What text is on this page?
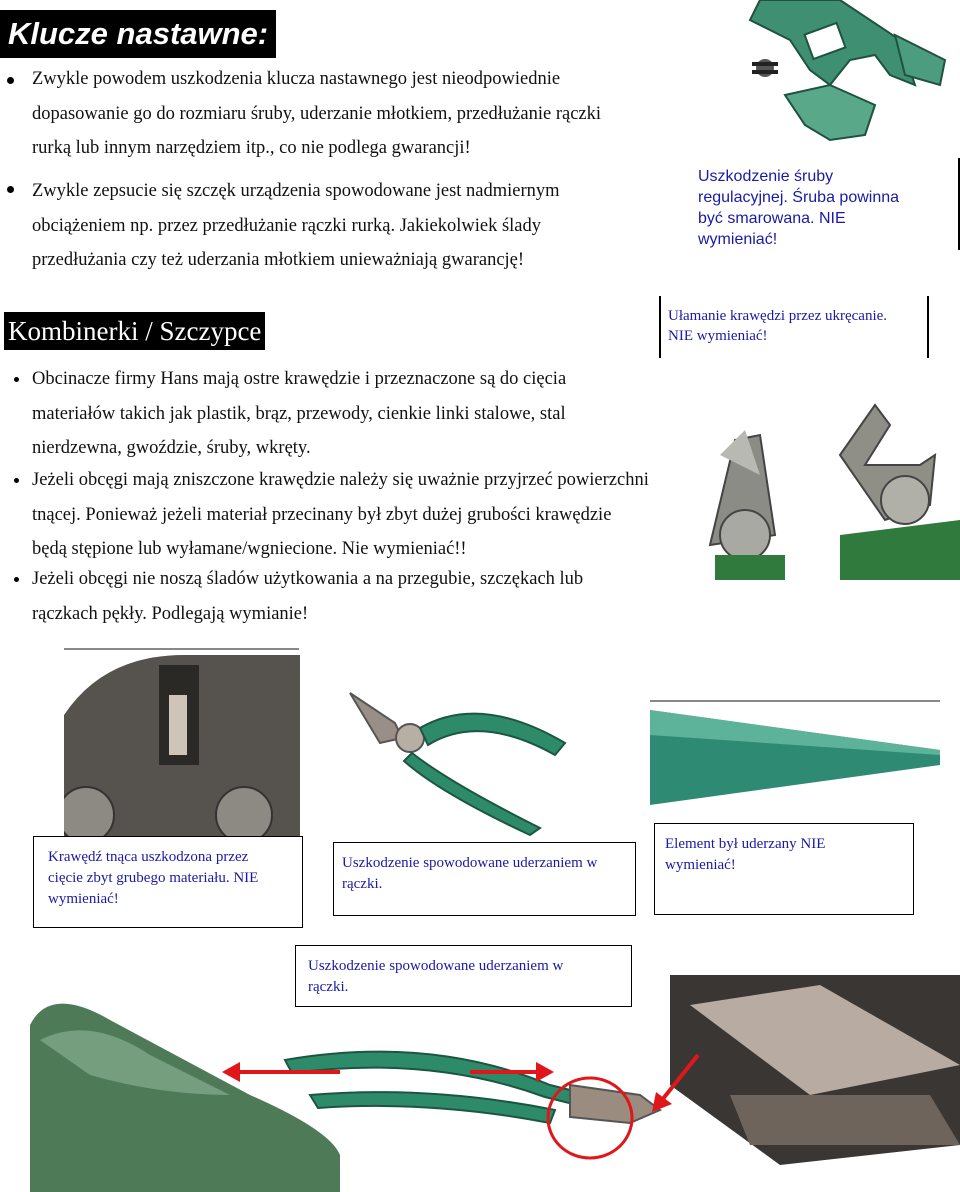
Klucze nastawne:
Zwykle powodem uszkodzenia klucza nastawnego jest nieodpowiednie
dopasowanie go do rozmiaru śruby, uderzanie młotkiem, przedłużanie rączki
rurką lub innym narzędziem itp., co nie podlega gwarancji!
Zwykle zepsucie się szczęk urządzenia spowodowane jest nadmiernym
obciążeniem np. przez przedłużanie rączki rurką. Jakiekolwiek ślady
przedłużania czy też uderzania młotkiem unieważniają gwarancję!
Uszkodzenie śruby
regulacyjnej. Śruba powinna
być smarowana. NIE
wymieniać!
Kombinerki / Szczypce	Ułamanie krawędzi przez ukręcanie.
NIE wymieniać!
Obcinacze firmy Hans mają ostre krawędzie i przeznaczone są do cięcia
materiałów takich jak plastik, brąz, przewody, cienkie linki stalowe, stal
nierdzewna, gwoździe, śruby, wkręty.
Jeżeli obcęgi mają zniszczone krawędzie należy się uważnie przyjrzeć powierzchni
tnącej. Ponieważ jeżeli materiał przecinany był zbyt dużej grubości krawędzie
będą stępione lub wyłamane/wgniecione. Nie wymieniać!!
Jeżeli obcęgi nie noszą śladów użytkowania a na przegubie, szczękach lub
rączkach pękły. Podlegają wymianie!
Krawędź tnąca uszkodzona przez
cięcie zbyt grubego materiału. NIE
wymieniać!
Uszkodzenie spowodowane uderzaniem w
rączki.
Element był uderzany NIE
wymieniać!
Uszkodzenie spowodowane uderzaniem w
rączki.
